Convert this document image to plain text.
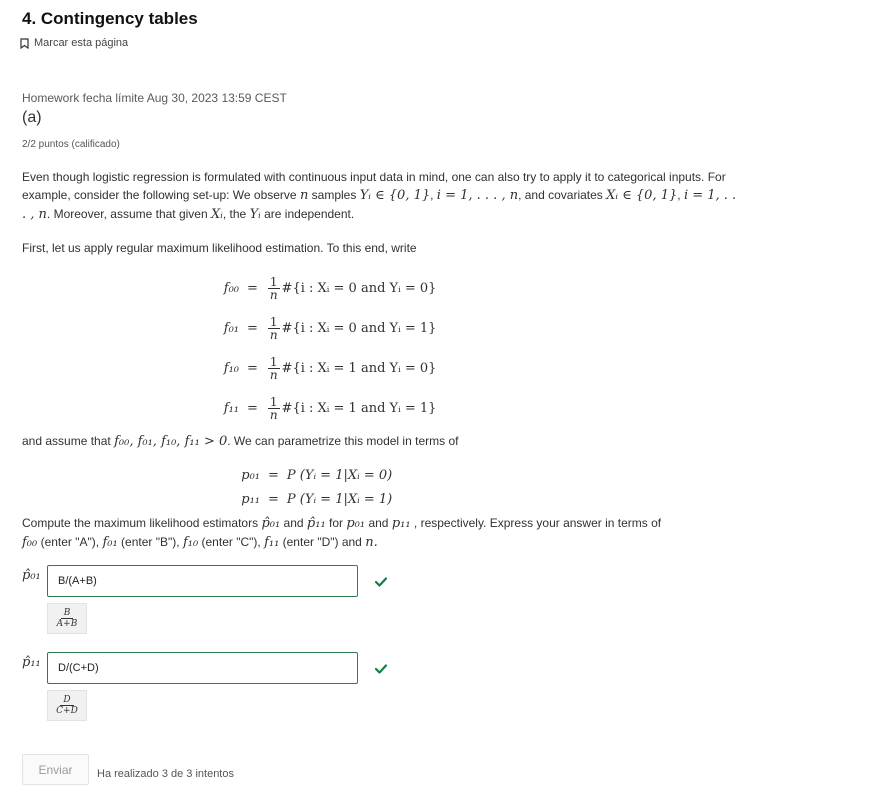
4. Contingency tables
Marcar esta página
Homework fecha límite Aug 30, 2023 13:59 CEST
(a)
2/2 puntos (calificado)
Even though logistic regression is formulated with continuous input data in mind, one can also try to apply it to categorical inputs. For example, consider the following set-up: We observe n samples Yᵢ ∈ {0, 1}, i = 1, . . . , n, and covariates Xᵢ ∈ {0, 1}, i = 1, . . . , n. Moreover, assume that given Xᵢ, the Yᵢ are independent.
First, let us apply regular maximum likelihood estimation. To this end, write
$f_{00} = \frac{1}{n}$ #{i : Xᵢ = 0 and Yᵢ = 0}
$f_{01} = \frac{1}{n}$ #{i : Xᵢ = 0 and Yᵢ = 1}
$f_{10} = \frac{1}{n}$ #{i : Xᵢ = 1 and Yᵢ = 0}
$f_{11} = \frac{1}{n}$ #{i : Xᵢ = 1 and Yᵢ = 1}
and assume that f₀₀, f₀₁, f₁₀, f₁₁ > 0. We can parametrize this model in terms of
p₀₁ = P (Yᵢ = 1|Xᵢ = 0)
p₁₁ = P (Yᵢ = 1|Xᵢ = 1)
Compute the maximum likelihood estimators p̂₀₁ and p̂₁₁ for p₀₁ and p₁₁ , respectively. Express your answer in terms of
f₀₀ (enter "A"), f₀₁ (enter "B"), f₁₀ (enter "C"), f₁₁ (enter "D") and n.
p̂₀₁
B/(A+B)
B
A+B
p̂₁₁
D/(C+D)
D
C+D
Enviar	Ha realizado 3 de 3 intentos
